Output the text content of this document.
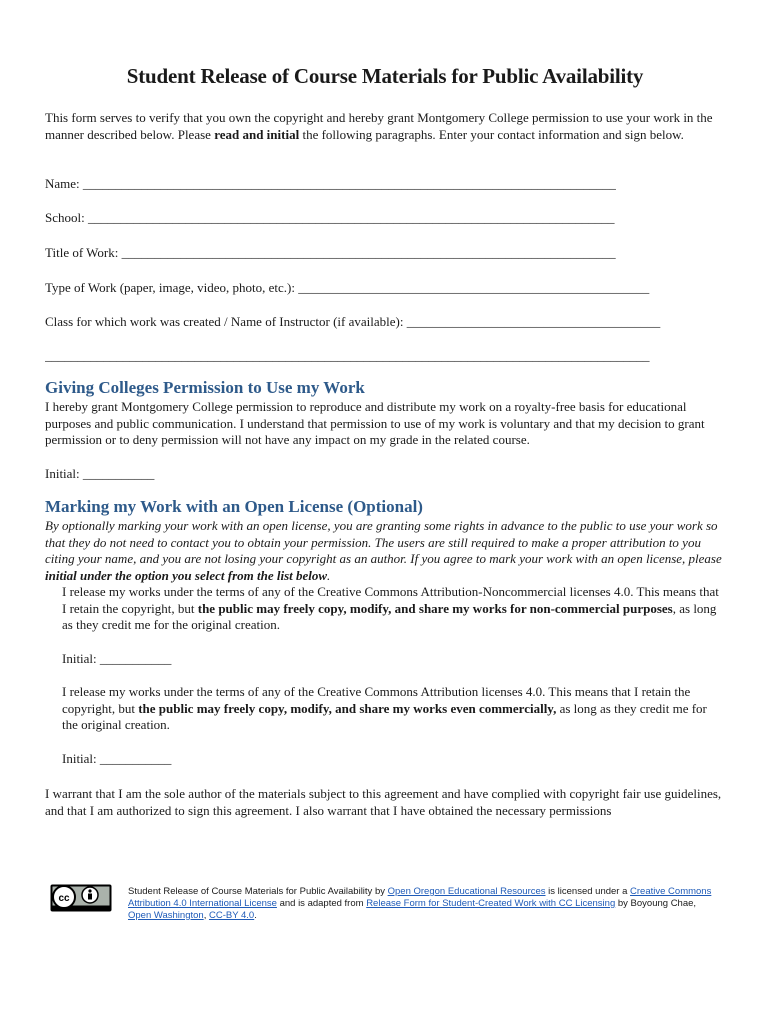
Student Release of Course Materials for Public Availability

This form serves to verify that you own the copyright and hereby grant Montgomery College permission to use your work in the manner described below. Please read and initial the following paragraphs. Enter your contact information and sign below.

Name: __________________________________________________________________________________
School: _________________________________________________________________________________
Title of Work: ____________________________________________________________________________
Type of Work (paper, image, video, photo, etc.): ______________________________________________________
Class for which work was created / Name of Instructor (if available): _______________________________________
_____________________________________________________________________________________________
Giving Colleges Permission to Use my Work

I hereby grant Montgomery College permission to reproduce and distribute my work on a royalty-free basis for educational purposes and public communication. I understand that permission to use of my work is voluntary and that my decision to grant permission or to deny permission will not have any impact on my grade in the related course.

Initial: ___________
Marking my Work with an Open License (Optional)

By optionally marking your work with an open license, you are granting some rights in advance to the public to use your work so that they do not need to contact you to obtain your permission. The users are still required to make a proper attribution to you citing your name, and you are not losing your copyright as an author. If you agree to mark your work with an open license, please initial under the option you select from the list below.

I release my works under the terms of any of the Creative Commons Attribution-Noncommercial licenses 4.0. This means that I retain the copyright, but the public may freely copy, modify, and share my works for non-commercial purposes, as long as they credit me for the original creation.

Initial: ___________

I release my works under the terms of any of the Creative Commons Attribution licenses 4.0. This means that I retain the copyright, but the public may freely copy, modify, and share my works even commercially, as long as they credit me for the original creation.

Initial: ___________

I warrant that I am the sole author of the materials subject to this agreement and have complied with copyright fair use guidelines, and that I am authorized to sign this agreement. I also warrant that I have obtained the necessary permissions

cc
Student Release of Course Materials for Public Availability by Open Oregon Educational Resources is licensed under a Creative Commons
Attribution 4.0 International License and is adapted from Release Form for Student-Created Work with CC Licensing by Boyoung Chae,
Open Washington, CC-BY 4.0.
